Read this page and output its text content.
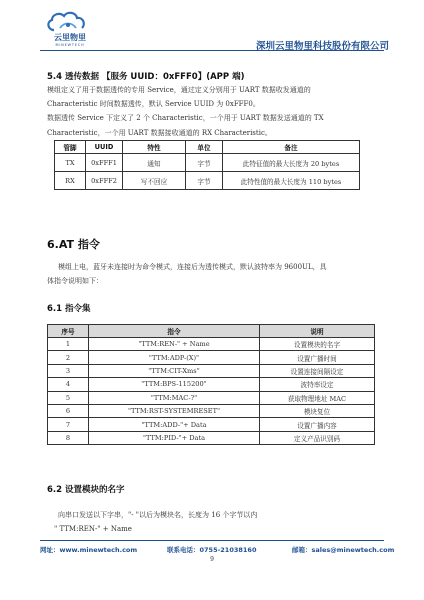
云里物里
MINEWTECH	深圳云里物里科技股份有限公司
5.4 透传数据 【服务 UUID：0xFFF0】(APP 端)
模组定义了用于数据透传的专用 Service，通过定义分别用于 UART 数据收发通道的
Characteristic 时间数据透传，默认 Service UUID 为 0xFFF0。
数据透传 Service 下定义了 2 个 Characteristic，一个用于 UART 数据发送通道的 TX
Characteristic，一个用 UART 数据接收通道的 RX Characteristic。
管脚	UUID	特性	单位	备注
TX	0xFFF1	通知	字节	此特征值的最大长度为 20 bytes
RX	0xFFF2	写不回应	字节	此特性值的最大长度为 110 bytes
6.AT 指令
模组上电，蓝牙未连接时为命令模式，连接后为透传模式，默认波特率为 9600UL，具
体指令说明如下：
6.1 指令集
序号	指令	说明
1	"TTM:REN-" + Name	设置模块的名字
2	"TTM:ADP-(X)"	设置广播时间
3	"TTM:CIT-Xms"	设置连接间隔设定
4	"TTM:BPS-115200"	波特率设定
5	"TTM:MAC-?"	获取物理地址 MAC
6	"TTM:RST-SYSTEMRESET"	模块复位
7	"TTM:ADD-"+ Data	设置广播内容
8	"TTM:PID-"+ Data	定义产品识别码
6.2 设置模块的名字
向串口发送以下字串，"- "以后为模块名，长度为 16 个字节以内
" TTM:REN-" + Name
网址：www.minewtech.com	联系电话：0755-21038160	邮箱：sales@minewtech.com
9
